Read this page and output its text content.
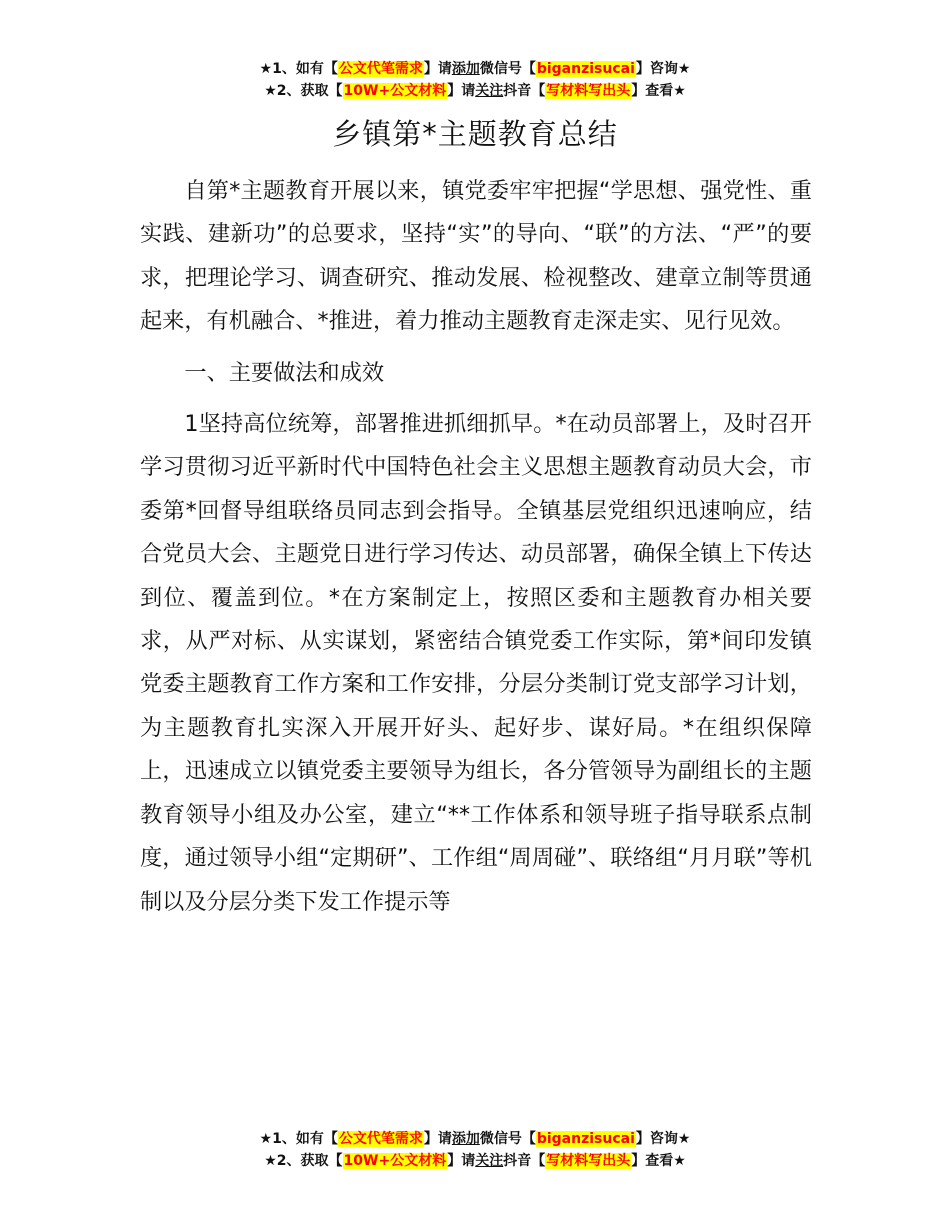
★1、如有【公文代笔需求】请添加微信号【biganzisucai】咨询★
★2、获取【10W+公文材料】请关注抖音【写材料写出头】查看★
乡镇第*主题教育总结

自第*主题教育开展以来，镇党委牢牢把握“学思想、强党性、重实践、建新功”的总要求，坚持“实”的导向、“联”的方法、“严”的要求，把理论学习、调查研究、推动发展、检视整改、建章立制等贯通起来，有机融合、*推进，着力推动主题教育走深走实、见行见效。

一、主要做法和成效

1坚持高位统筹，部署推进抓细抓早。*在动员部署上，及时召开学习贯彻习近平新时代中国特色社会主义思想主题教育动员大会，市委第*回督导组联络员同志到会指导。全镇基层党组织迅速响应，结合党员大会、主题党日进行学习传达、动员部署，确保全镇上下传达到位、覆盖到位。*在方案制定上，按照区委和主题教育办相关要求，从严对标、从实谋划，紧密结合镇党委工作实际，第*间印发镇党委主题教育工作方案和工作安排，分层分类制订党支部学习计划，为主题教育扎实深入开展开好头、起好步、谋好局。*在组织保障上，迅速成立以镇党委主要领导为组长，各分管领导为副组长的主题教育领导小组及办公室，建立“**工作体系和领导班子指导联系点制度，通过领导小组“定期研”、工作组“周周碰”、联络组“月月联”等机制以及分层分类下发工作提示等

★1、如有【公文代笔需求】请添加微信号【biganzisucai】咨询★
★2、获取【10W+公文材料】请关注抖音【写材料写出头】查看★
